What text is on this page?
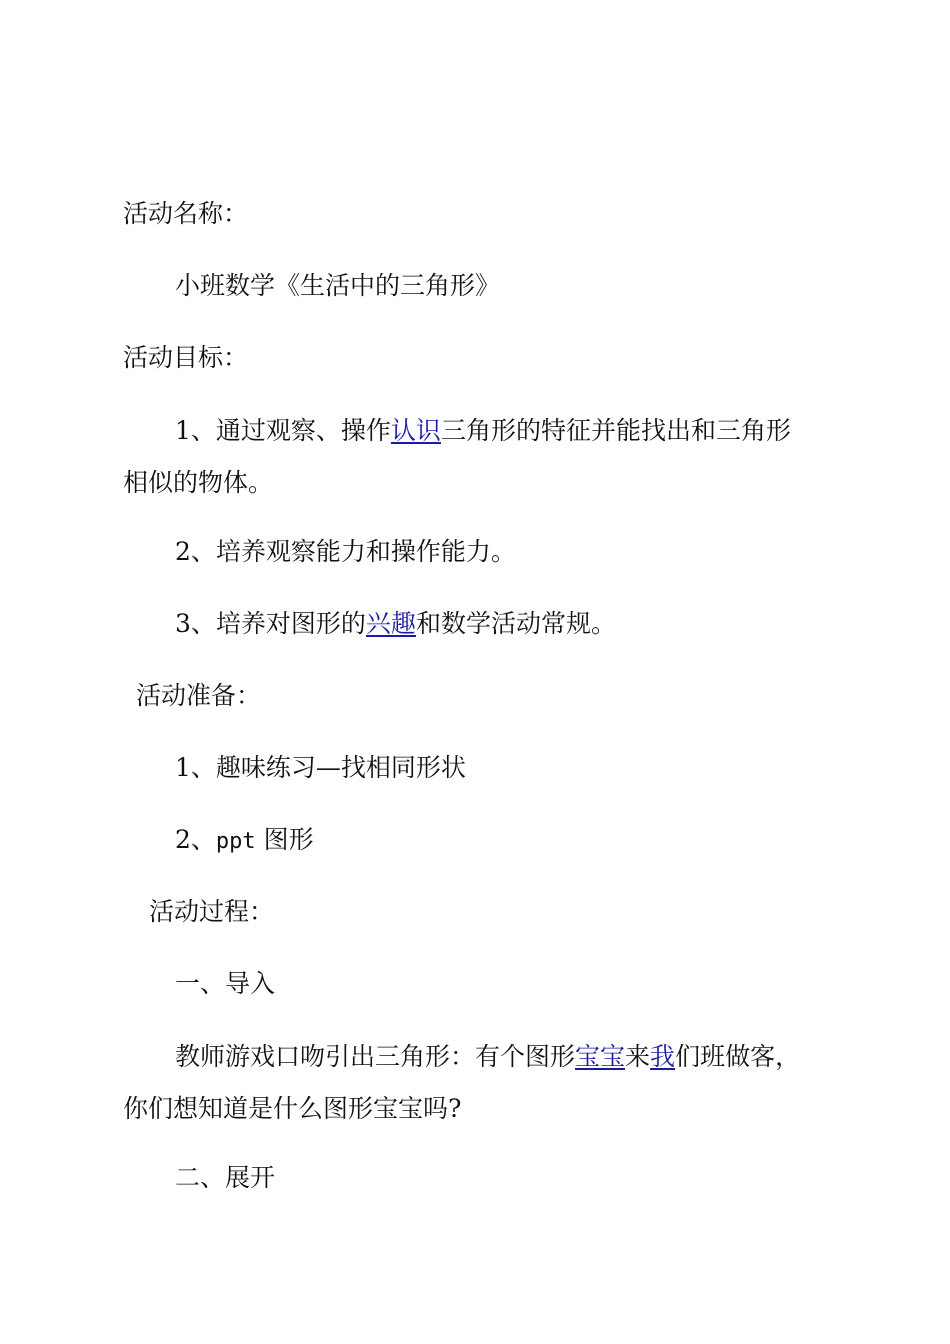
活动名称：

小班数学《生活中的三角形》

活动目标：

1、通过观察、操作认识三角形的特征并能找出和三角形相似的物体。

2、培养观察能力和操作能力。

3、培养对图形的兴趣和数学活动常规。

活动准备：

1、趣味练习—找相同形状

2、ppt 图形

活动过程：

一、导入

教师游戏口吻引出三角形：有个图形宝宝来我们班做客，你们想知道是什么图形宝宝吗?

二、展开
